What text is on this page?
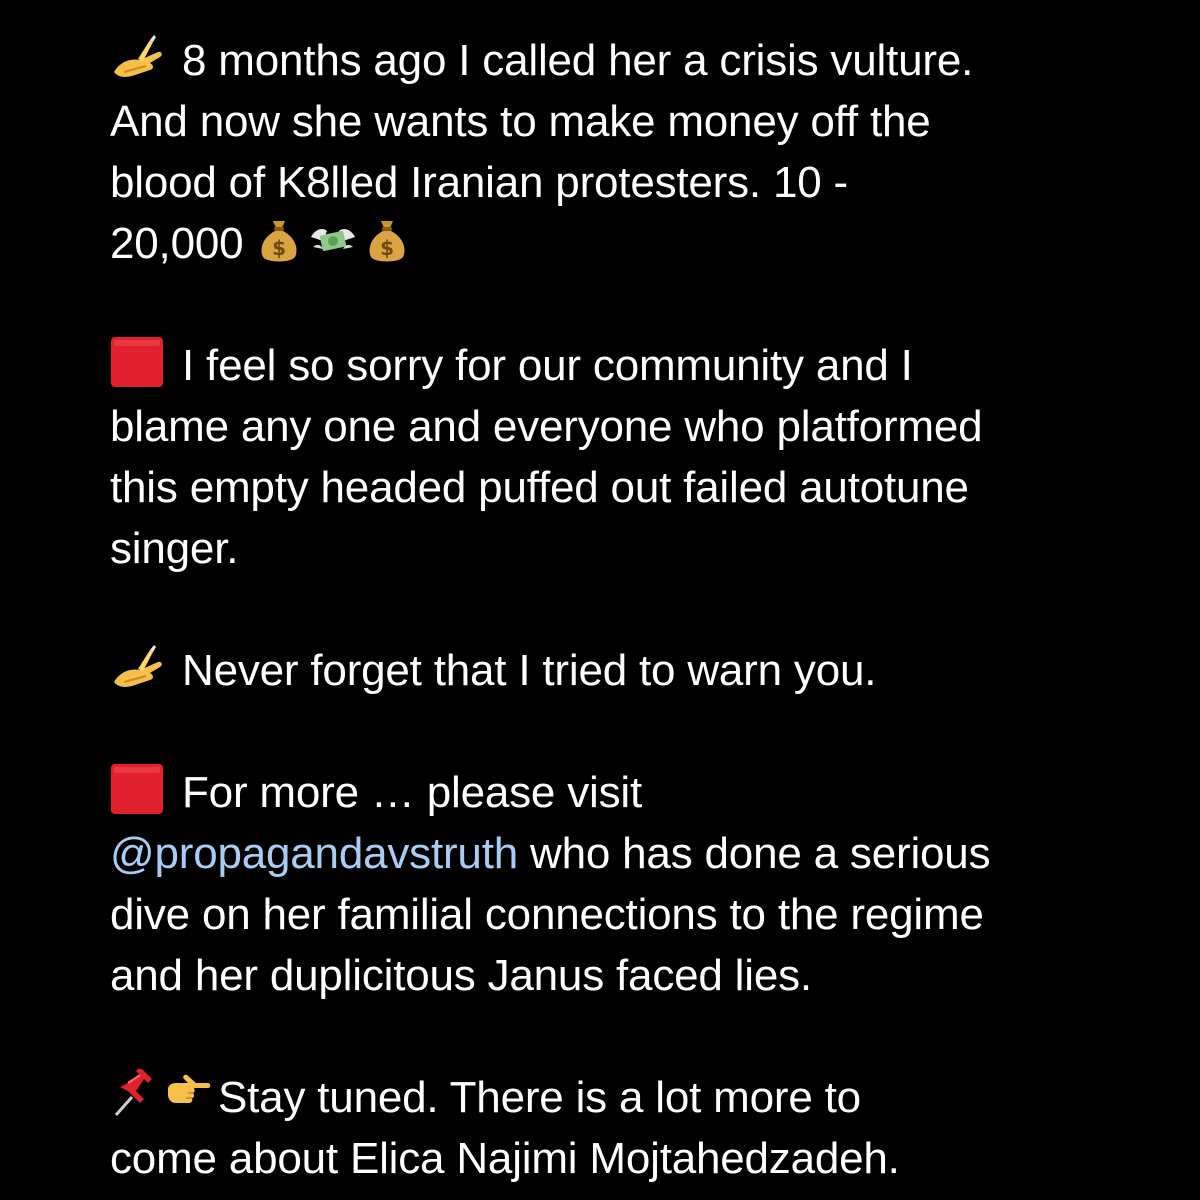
8 months ago I called her a crisis vulture.
And now she wants to make money off the
blood of K8lled Iranian protesters. 10 -
20,000 $	$
I feel so sorry for our community and I
blame any one and everyone who platformed
this empty headed puffed out failed autotune
singer.
Never forget that I tried to warn you.
For more … please visit
@propagandavstruth who has done a serious
dive on her familial connections to the regime
and her duplicitous Janus faced lies.
Stay tuned. There is a lot more to
come about Elica Najimi Mojtahedzadeh.
